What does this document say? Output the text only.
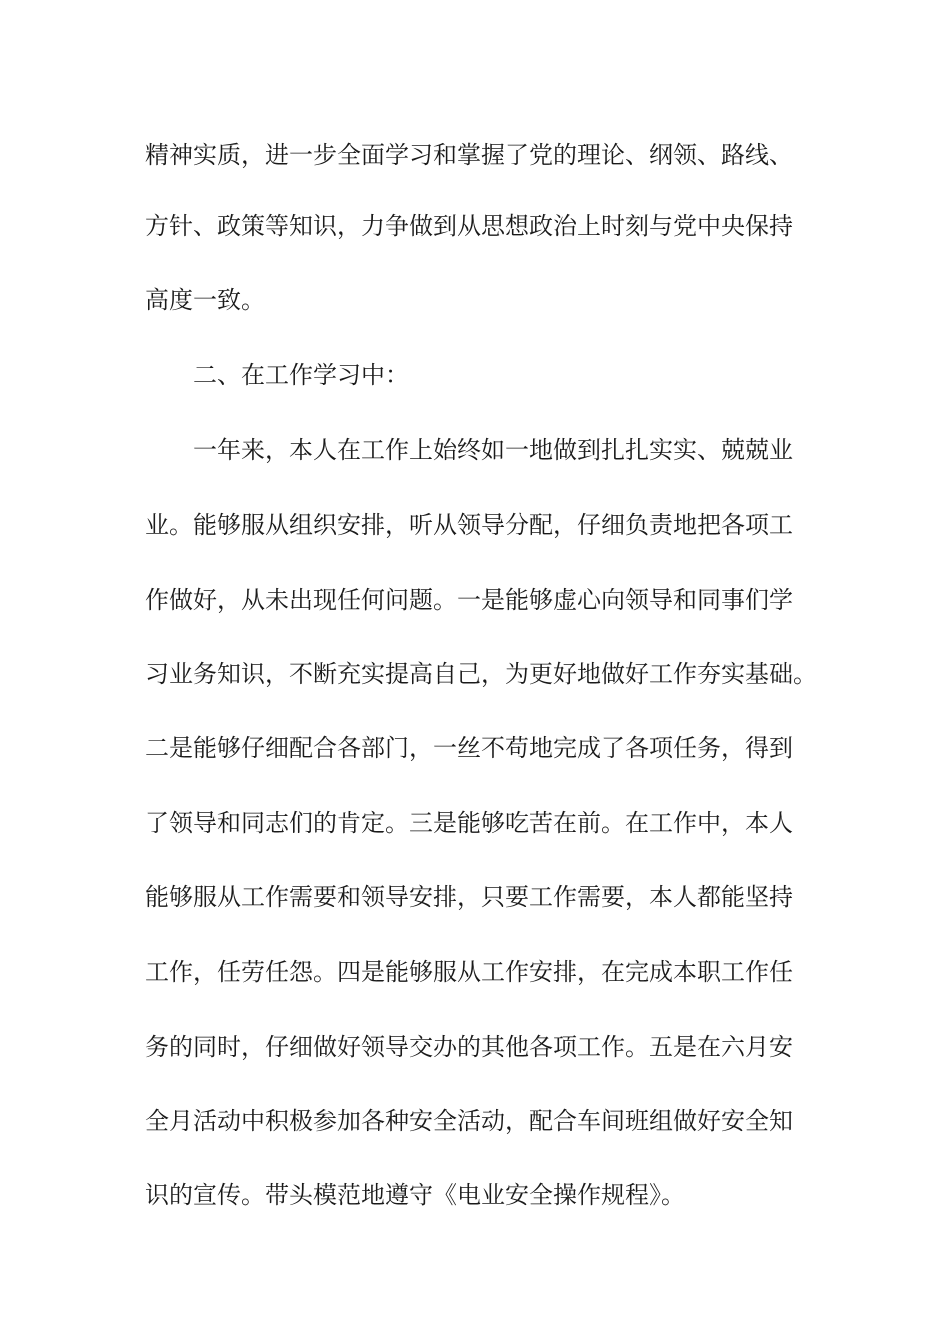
精神实质，进一步全面学习和掌握了党的理论、纲领、路线、
方针、政策等知识，力争做到从思想政治上时刻与党中央保持
高度一致。
二、在工作学习中：
一年来，本人在工作上始终如一地做到扎扎实实、兢兢业
业。能够服从组织安排，听从领导分配，仔细负责地把各项工
作做好，从未出现任何问题。一是能够虚心向领导和同事们学
习业务知识，不断充实提高自己，为更好地做好工作夯实基础。
二是能够仔细配合各部门，一丝不苟地完成了各项任务，得到
了领导和同志们的肯定。三是能够吃苦在前。在工作中，本人
能够服从工作需要和领导安排，只要工作需要，本人都能坚持
工作，任劳任怨。四是能够服从工作安排，在完成本职工作任
务的同时，仔细做好领导交办的其他各项工作。五是在六月安
全月活动中积极参加各种安全活动，配合车间班组做好安全知
识的宣传。带头模范地遵守《电业安全操作规程》。
